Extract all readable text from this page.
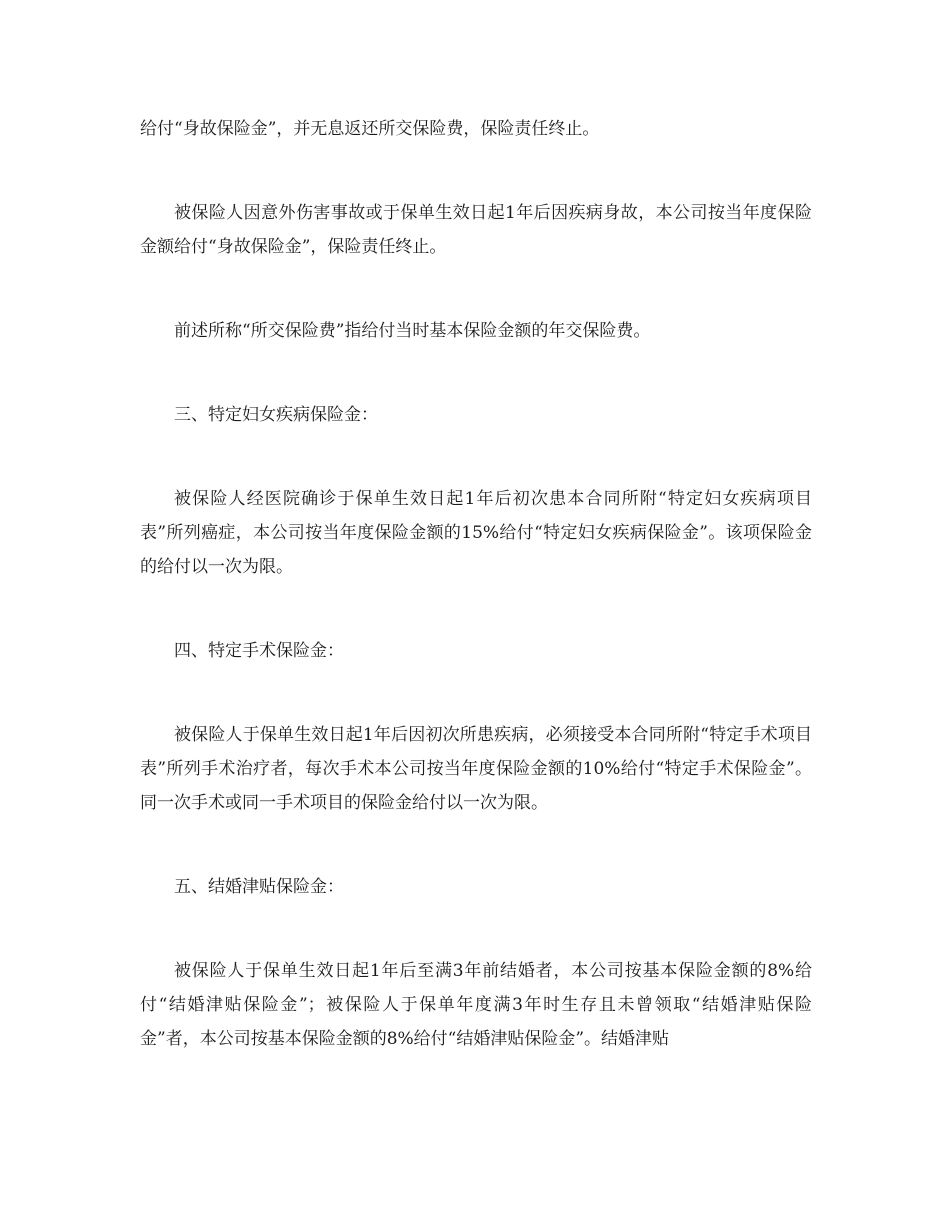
给付“身故保险金”，并无息返还所交保险费，保险责任终止。

被保险人因意外伤害事故或于保单生效日起1年后因疾病身故，本公司按当年度保险金额给付“身故保险金”，保险责任终止。

前述所称“所交保险费”指给付当时基本保险金额的年交保险费。

三、特定妇女疾病保险金：

被保险人经医院确诊于保单生效日起1年后初次患本合同所附“特定妇女疾病项目表”所列癌症，本公司按当年度保险金额的15%给付“特定妇女疾病保险金”。该项保险金的给付以一次为限。

四、特定手术保险金：

被保险人于保单生效日起1年后因初次所患疾病，必须接受本合同所附“特定手术项目表”所列手术治疗者，每次手术本公司按当年度保险金额的10%给付“特定手术保险金”。同一次手术或同一手术项目的保险金给付以一次为限。

五、结婚津贴保险金：

被保险人于保单生效日起1年后至满3年前结婚者，本公司按基本保险金额的8%给付“结婚津贴保险金”；被保险人于保单年度满3年时生存且未曾领取“结婚津贴保险金”者，本公司按基本保险金额的8%给付“结婚津贴保险金”。结婚津贴
